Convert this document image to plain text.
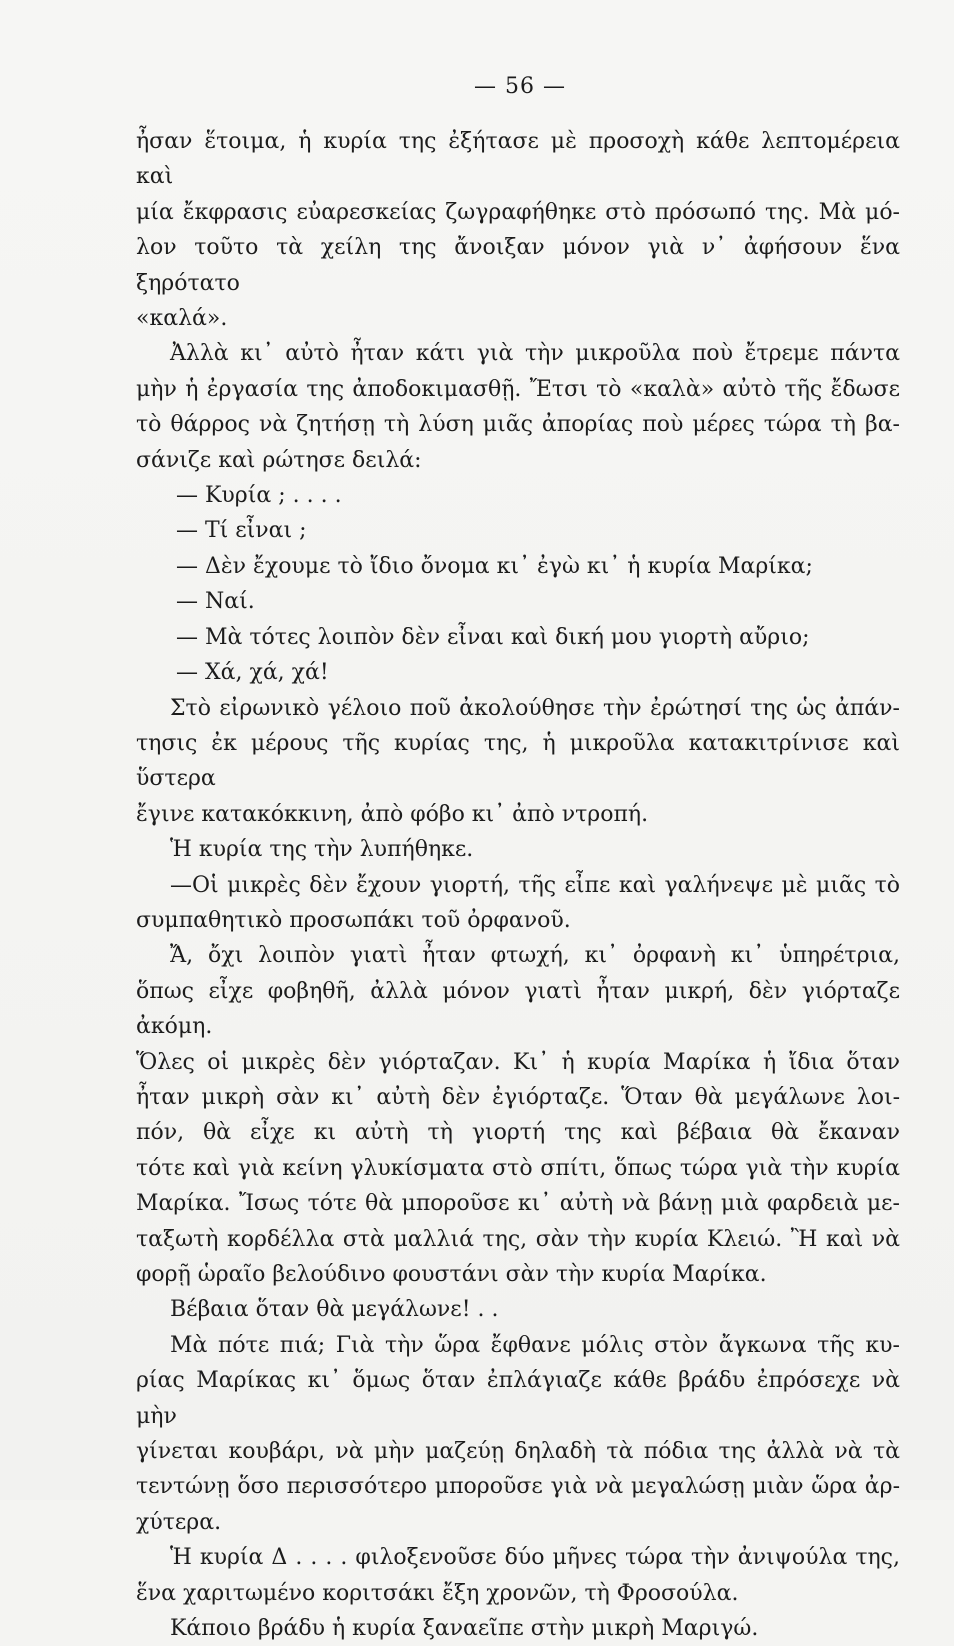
— 56 —
ἦσαν ἕτοιμα, ἡ κυρία της ἐξήτασε μὲ προσοχὴ κάθε λεπτομέρεια καὶ
μία ἔκφρασις εὐαρεσκείας ζωγραφήθηκε στὸ πρόσωπό της. Μὰ μό-
λον τοῦτο τὰ χείλη της ἄνοιξαν μόνον γιὰ ν᾿ ἀφήσουν ἕνα ξηρότατο
«καλά».
Ἀλλὰ κι᾿ αὐτὸ ἦταν κάτι γιὰ τὴν μικροῦλα ποὺ ἔτρεμε πάντα
μὴν ἡ ἐργασία της ἀποδοκιμασθῇ. Ἔτσι τὸ «καλὰ» αὐτὸ τῆς ἔδωσε
τὸ θάρρος νὰ ζητήσῃ τὴ λύση μιᾶς ἀπορίας ποὺ μέρες τώρα τὴ βα-
σάνιζε καὶ ρώτησε δειλά:
— Κυρία ; . . . .
— Τί εἶναι ;
— Δὲν ἔχουμε τὸ ἴδιο ὄνομα κι᾿ ἐγὼ κι᾿ ἡ κυρία Μαρίκα;
— Ναί.
— Μὰ τότες λοιπὸν δὲν εἶναι καὶ δική μου γιορτὴ αὔριο;
— Χά, χά, χά!
Στὸ εἰρωνικὸ γέλοιο ποῦ ἀκολούθησε τὴν ἐρώτησί της ὡς ἀπάν-
τησις ἐκ μέρους τῆς κυρίας της, ἡ μικροῦλα κατακιτρίνισε καὶ ὕστερα
ἔγινε κατακόκκινη, ἀπὸ φόβο κι᾿ ἀπὸ ντροπή.
Ἡ κυρία της τὴν λυπήθηκε.
—Οἱ μικρὲς δὲν ἔχουν γιορτή, τῆς εἶπε καὶ γαλήνεψε μὲ μιᾶς τὸ
συμπαθητικὸ προσωπάκι τοῦ ὀρφανοῦ.
Ἄ, ὄχι λοιπὸν γιατὶ ἦταν φτωχή, κι᾿ ὀρφανὴ κι᾿ ὑπηρέτρια,
ὅπως εἶχε φοβηθῆ, ἀλλὰ μόνον γιατὶ ἦταν μικρή, δὲν γιόρταζε ἀκόμη.
Ὅλες οἱ μικρὲς δὲν γιόρταζαν. Κι᾿ ἡ κυρία Μαρίκα ἡ ἴδια ὅταν
ἦταν μικρὴ σὰν κι᾿ αὐτὴ δὲν ἐγιόρταζε. Ὅταν θὰ μεγάλωνε λοι-
πόν, θὰ εἶχε κι αὐτὴ τὴ γιορτή της καὶ βέβαια θὰ ἔκαναν
τότε καὶ γιὰ κείνη γλυκίσματα στὸ σπίτι, ὅπως τώρα γιὰ τὴν κυρία
Μαρίκα. Ἴσως τότε θὰ μποροῦσε κι᾿ αὐτὴ νὰ βάνῃ μιὰ φαρδειὰ με-
ταξωτὴ κορδέλλα στὰ μαλλιά της, σὰν τὴν κυρία Κλειώ. Ἢ καὶ νὰ
φορῇ ὡραῖο βελούδινο φουστάνι σὰν τὴν κυρία Μαρίκα.
Βέβαια ὅταν θὰ μεγάλωνε! . .
Μὰ πότε πιά; Γιὰ τὴν ὥρα ἔφθανε μόλις στὸν ἄγκωνα τῆς κυ-
ρίας Μαρίκας κι᾿ ὅμως ὅταν ἐπλάγιαζε κάθε βράδυ ἐπρόσεχε νὰ μὴν
γίνεται κουβάρι, νὰ μὴν μαζεύῃ δηλαδὴ τὰ πόδια της ἀλλὰ νὰ τὰ
τεντώνῃ ὅσο περισσότερο μποροῦσε γιὰ νὰ μεγαλώσῃ μιὰν ὥρα ἀρ-
χύτερα.
Ἡ κυρία Δ . . . . φιλοξενοῦσε δύο μῆνες τώρα τὴν ἀνιψούλα της,
ἕνα χαριτωμένο κοριτσάκι ἔξη χρονῶν, τὴ Φροσούλα.
Κάποιο βράδυ ἡ κυρία ξαναεῖπε στὴν μικρὴ Μαριγώ.
